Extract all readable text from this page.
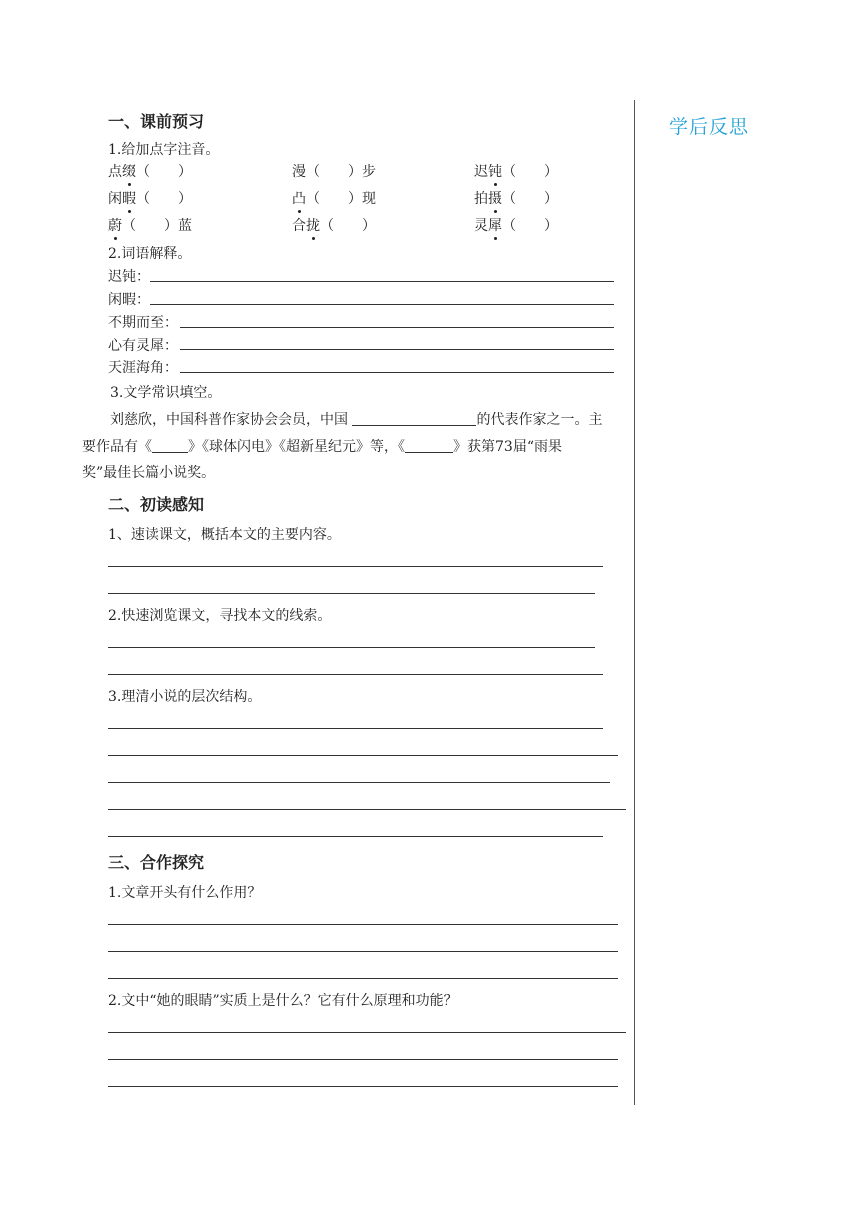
学后反思
一、课前预习
1.给加点字注音。
点缀（　　）	漫（　　）步	迟钝（　　）
闲暇（　　）	凸（　　）现	拍摄（　　）
蔚（　　）蓝	合拢（　　）	灵犀（　　）
2.词语解释。
迟钝：
闲暇：
不期而至：
心有灵犀：
天涯海角：
3.文学常识填空。
刘慈欣，中国科普作家协会会员，中国	的代表作家之一。主
要作品有《	》《球体闪电》《超新星纪元》等，《	》获第73届“雨果
奖”最佳长篇小说奖。
二、初读感知
1、速读课文，概括本文的主要内容。
2.快速浏览课文，寻找本文的线索。
3.理清小说的层次结构。
三、合作探究
1.文章开头有什么作用？
2.文中“她的眼睛”实质上是什么？它有什么原理和功能？
